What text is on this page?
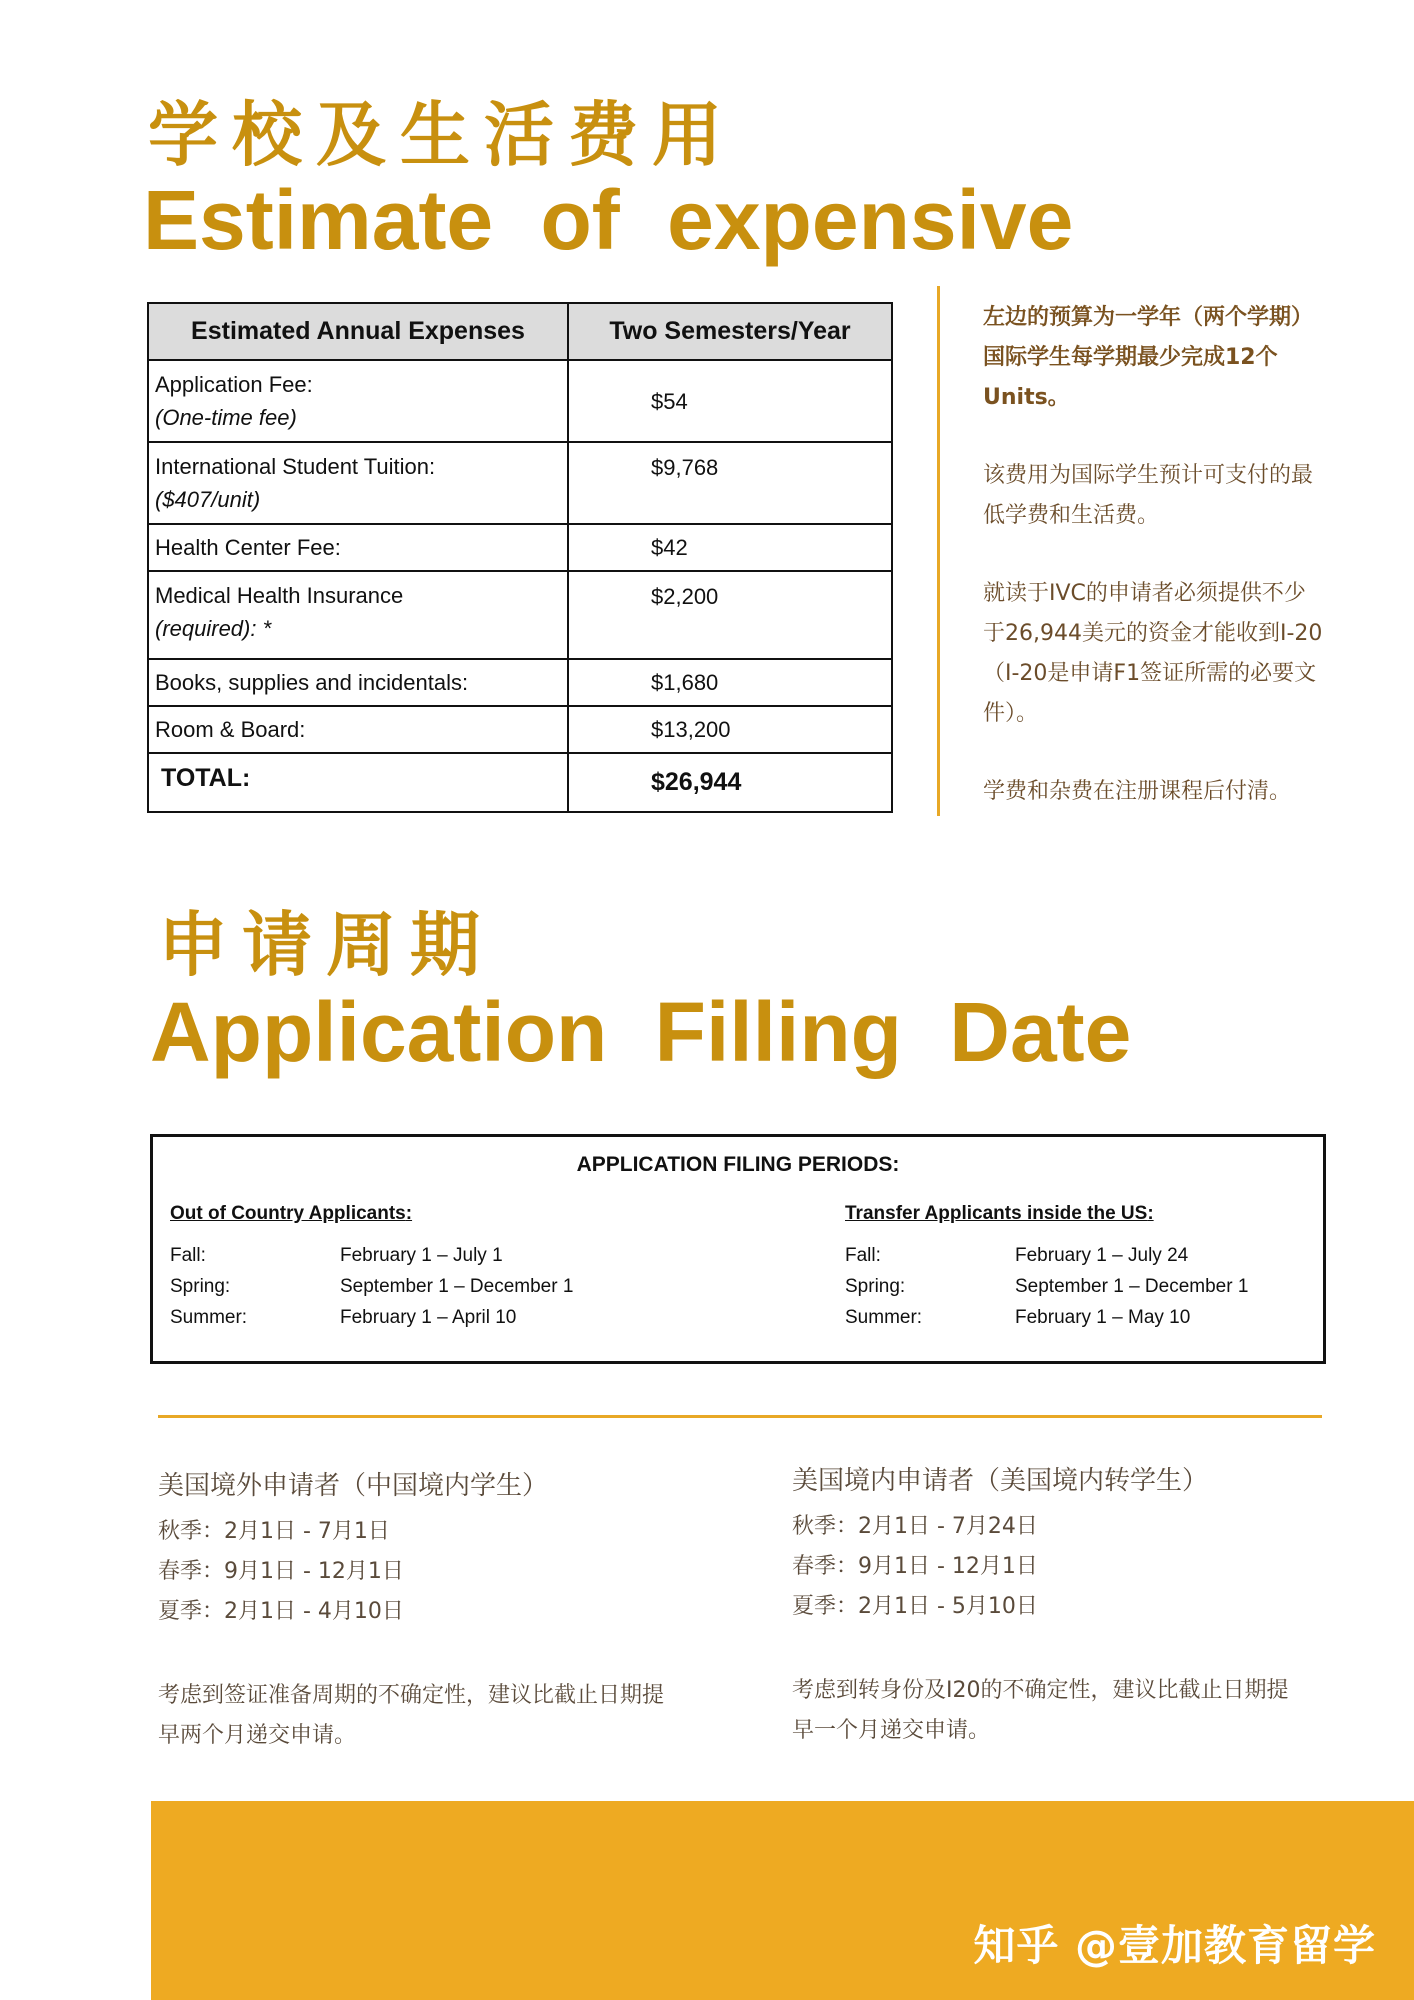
学校及生活费用
Estimate of expensive
Estimated Annual Expenses	Two Semesters/Year
Application Fee:
(One-time fee)	$54
International Student Tuition:
($407/unit)	$9,768
Health Center Fee:	$42
Medical Health Insurance
(required): *	$2,200
Books, supplies and incidentals:	$1,680
Room & Board:	$13,200
TOTAL:	$26,944
左边的预算为一学年（两个学期）
国际学生每学期最少完成12个
Units。
该费用为国际学生预计可支付的最
低学费和生活费。
就读于IVC的申请者必须提供不少
于26,944美元的资金才能收到I-20
（I-20是申请F1签证所需的必要文
件）。
学费和杂费在注册课程后付清。
申请周期
Application Filling Date
APPLICATION FILING PERIODS:
Out of Country Applicants:
Fall:	February 1 – July 1
Spring:	September 1 – December 1
Summer:	February 1 – April 10
Transfer Applicants inside the US:
Fall:	February 1 – July 24
Spring:	September 1 – December 1
Summer:	February 1 – May 10
美国境外申请者（中国境内学生）
秋季：2月1日 - 7月1日
春季：9月1日 - 12月1日
夏季：2月1日 - 4月10日
考虑到签证准备周期的不确定性，建议比截止日期提
早两个月递交申请。
美国境内申请者（美国境内转学生）
秋季：2月1日 - 7月24日
春季：9月1日 - 12月1日
夏季：2月1日 - 5月10日
考虑到转身份及I20的不确定性，建议比截止日期提
早一个月递交申请。
知乎 @壹加教育留学
